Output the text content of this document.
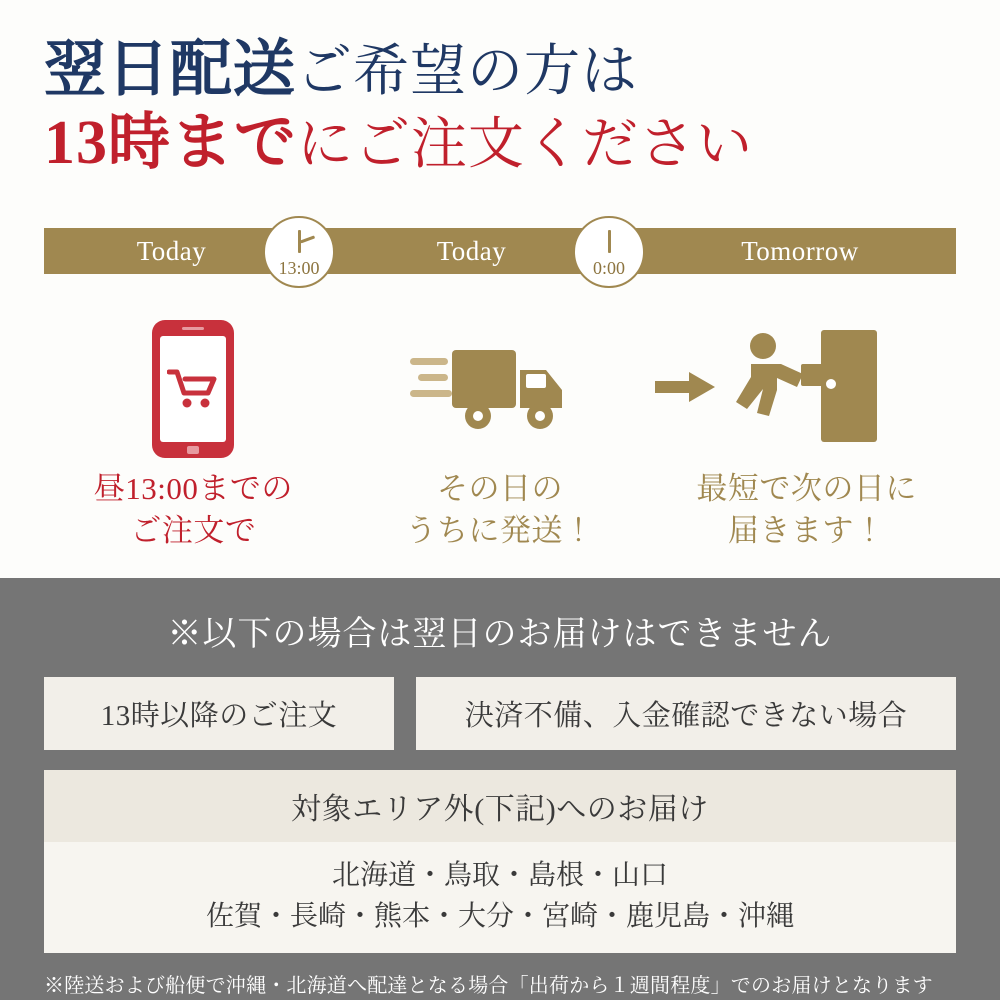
翌日配送ご希望の方は
13時までにご注文ください
Today	Today	Tomorrow
13:00	0:00
昼13:00までの
ご注文で
その日の
うちに発送！
最短で次の日に
届きます！
※以下の場合は翌日のお届けはできません
13時以降のご注文	決済不備、入金確認できない場合
対象エリア外(下記)へのお届け
北海道・鳥取・島根・山口
佐賀・長崎・熊本・大分・宮崎・鹿児島・沖縄
※陸送および船便で沖縄・北海道へ配達となる場合「出荷から１週間程度」でのお届けとなります
